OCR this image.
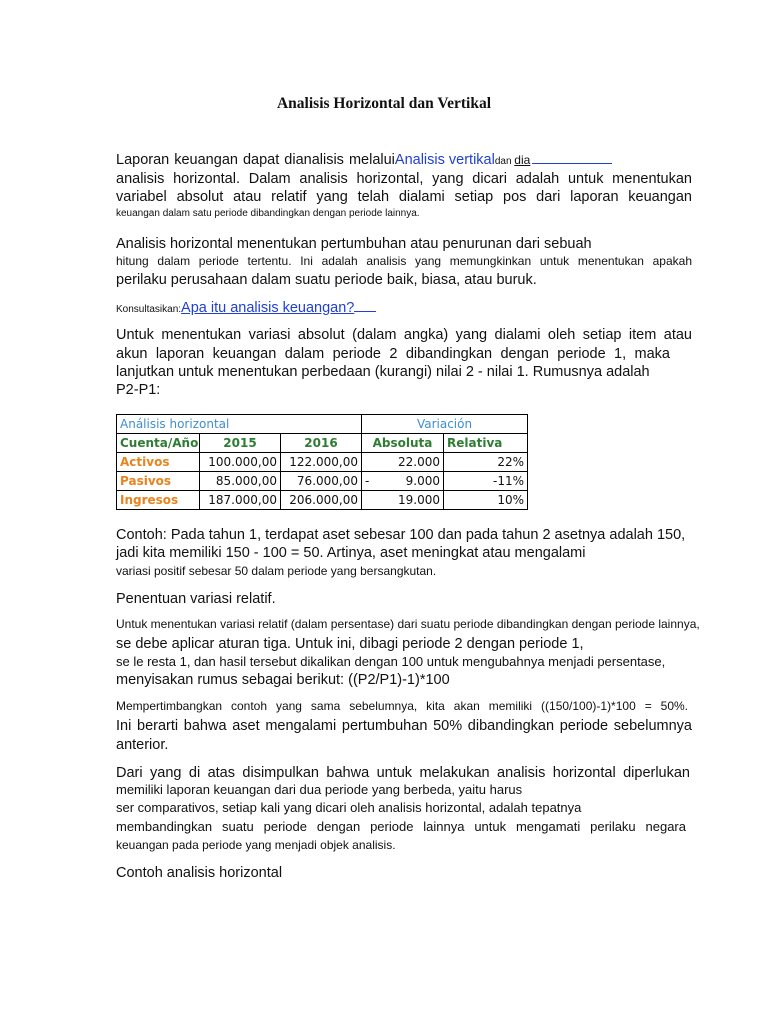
Analisis Horizontal dan Vertikal
Laporan keuangan dapat dianalisis melaluiAnalisis vertikaldan dia
analisis horizontal. Dalam analisis horizontal, yang dicari adalah untuk menentukan
variabel absolut atau relatif yang telah dialami setiap pos dari laporan keuangan
keuangan dalam satu periode dibandingkan dengan periode lainnya.
Analisis horizontal menentukan pertumbuhan atau penurunan dari sebuah
hitung dalam periode tertentu. Ini adalah analisis yang memungkinkan untuk menentukan apakah
perilaku perusahaan dalam suatu periode baik, biasa, atau buruk.
Konsultasikan:Apa itu analisis keuangan?
Untuk menentukan variasi absolut (dalam angka) yang dialami oleh setiap item atau
akun laporan keuangan dalam periode 2 dibandingkan dengan periode 1, maka
lanjutkan untuk menentukan perbedaan (kurangi) nilai 2 - nilai 1. Rumusnya adalah
P2-P1:
Análisis horizontal			Variación	
Cuenta/Año	2015	2016	Absoluta	Relativa
Activos	100.000,00	122.000,00	22.000	22%
Pasivos	85.000,00	76.000,00	- 9.000	-11%
Ingresos	187.000,00	206.000,00	19.000	10%
Contoh: Pada tahun 1, terdapat aset sebesar 100 dan pada tahun 2 asetnya adalah 150,
jadi kita memiliki 150 - 100 = 50. Artinya, aset meningkat atau mengalami
variasi positif sebesar 50 dalam periode yang bersangkutan.
Penentuan variasi relatif.
Untuk menentukan variasi relatif (dalam persentase) dari suatu periode dibandingkan dengan periode lainnya,
se debe aplicar aturan tiga. Untuk ini, dibagi periode 2 dengan periode 1,
se le resta 1, dan hasil tersebut dikalikan dengan 100 untuk mengubahnya menjadi persentase,
menyisakan rumus sebagai berikut: ((P2/P1)-1)*100
Mempertimbangkan contoh yang sama sebelumnya, kita akan memiliki ((150/100)-1)*100 = 50%.
Ini berarti bahwa aset mengalami pertumbuhan 50% dibandingkan periode sebelumnya
anterior.
Dari yang di atas disimpulkan bahwa untuk melakukan analisis horizontal diperlukan
memiliki laporan keuangan dari dua periode yang berbeda, yaitu harus
ser comparativos, setiap kali yang dicari oleh analisis horizontal, adalah tepatnya
membandingkan suatu periode dengan periode lainnya untuk mengamati perilaku negara
keuangan pada periode yang menjadi objek analisis.
Contoh analisis horizontal
